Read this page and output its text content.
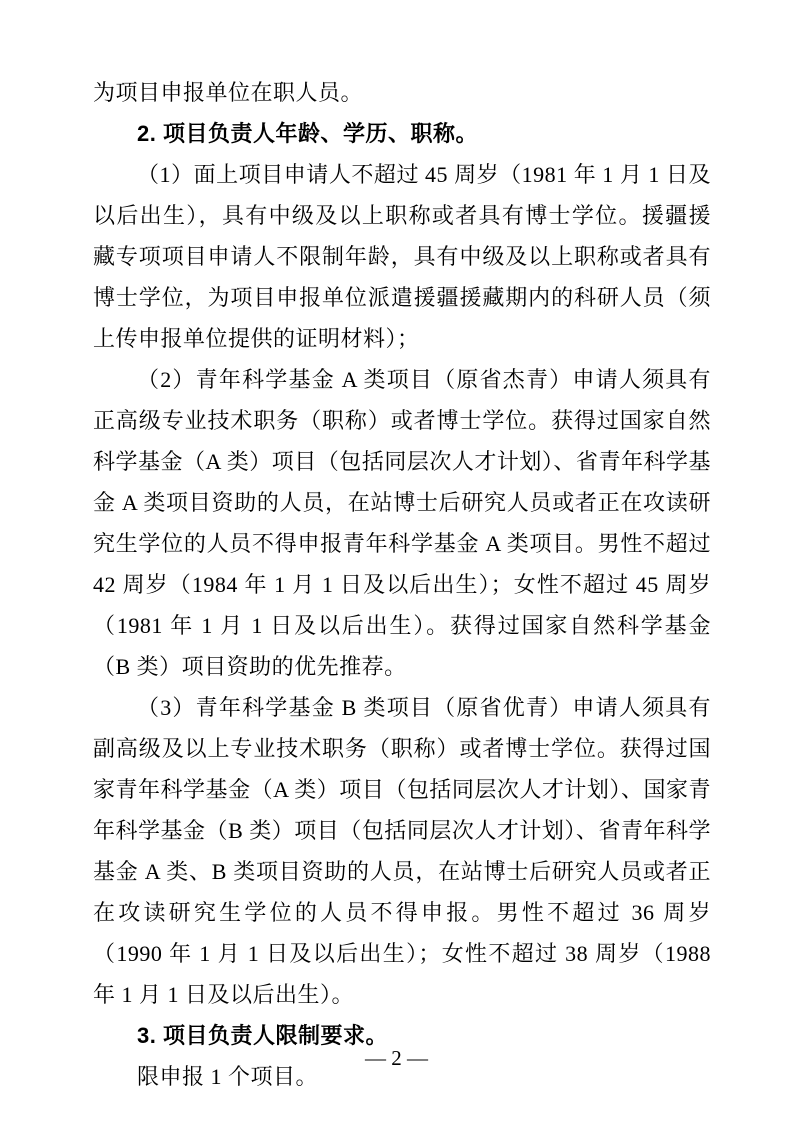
为项目申报单位在职人员。

2. 项目负责人年龄、学历、职称。

（1）面上项目申请人不超过 45 周岁（1981 年 1 月 1 日及以后出生），具有中级及以上职称或者具有博士学位。援疆援藏专项项目申请人不限制年龄，具有中级及以上职称或者具有博士学位，为项目申报单位派遣援疆援藏期内的科研人员（须上传申报单位提供的证明材料）；

（2）青年科学基金 A 类项目（原省杰青）申请人须具有正高级专业技术职务（职称）或者博士学位。获得过国家自然科学基金（A 类）项目（包括同层次人才计划）、省青年科学基金 A 类项目资助的人员，在站博士后研究人员或者正在攻读研究生学位的人员不得申报青年科学基金 A 类项目。男性不超过 42 周岁（1984 年 1 月 1 日及以后出生）；女性不超过 45 周岁（1981 年 1 月 1 日及以后出生）。获得过国家自然科学基金（B 类）项目资助的优先推荐。

（3）青年科学基金 B 类项目（原省优青）申请人须具有副高级及以上专业技术职务（职称）或者博士学位。获得过国家青年科学基金（A 类）项目（包括同层次人才计划）、国家青年科学基金（B 类）项目（包括同层次人才计划）、省青年科学基金 A 类、B 类项目资助的人员，在站博士后研究人员或者正在攻读研究生学位的人员不得申报。男性不超过 36 周岁（1990 年 1 月 1 日及以后出生）；女性不超过 38 周岁（1988 年 1 月 1 日及以后出生）。

3. 项目负责人限制要求。

限申报 1 个项目。

— 2 —
